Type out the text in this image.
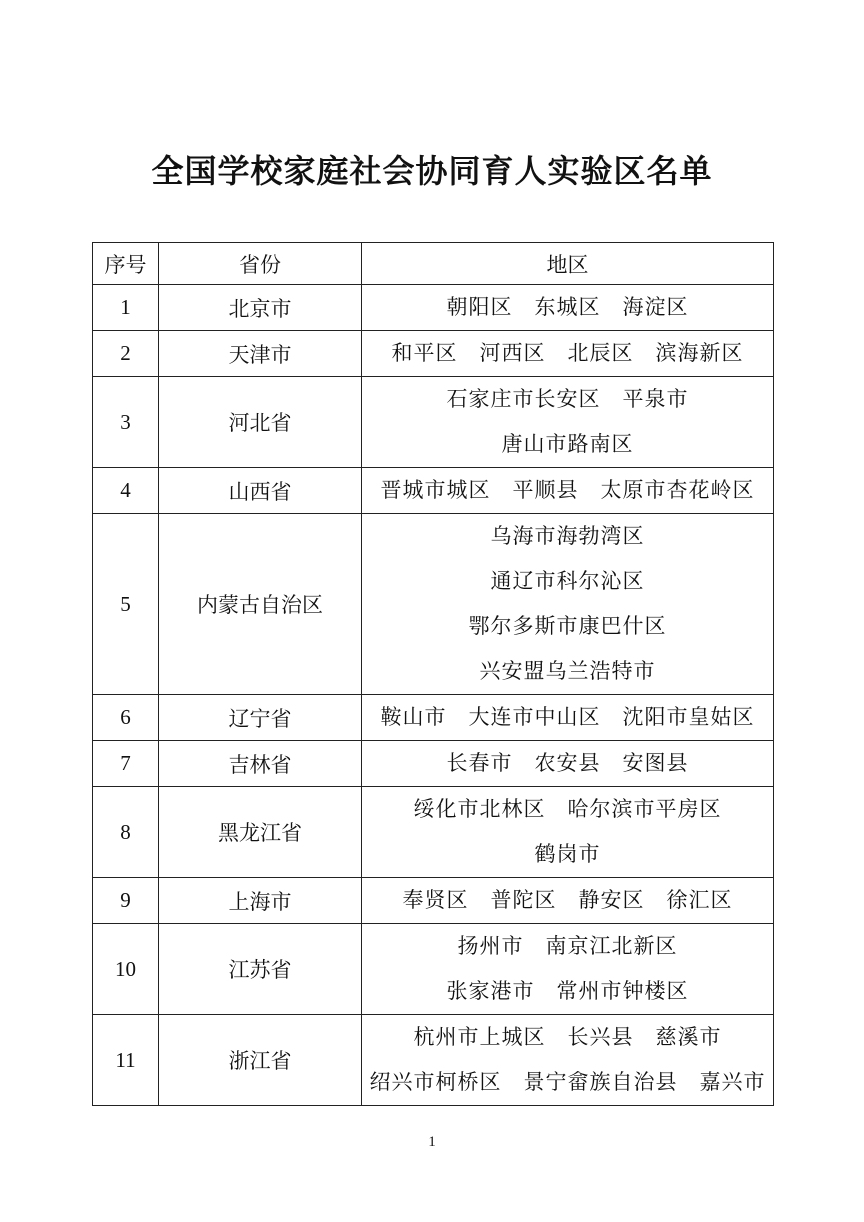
全国学校家庭社会协同育人实验区名单
序号	省份	地区
1	北京市	朝阳区　东城区　海淀区

2	天津市	和平区　河西区　北辰区　滨海新区

3	河北省	石家庄市长安区　平泉市
唐山市路南区

4	山西省	晋城市城区　平顺县　太原市杏花岭区

5	内蒙古自治区	乌海市海勃湾区
通辽市科尔沁区
鄂尔多斯市康巴什区
兴安盟乌兰浩特市

6	辽宁省	鞍山市　大连市中山区　沈阳市皇姑区

7	吉林省	长春市　农安县　安图县

8	黑龙江省	绥化市北林区　哈尔滨市平房区
鹤岗市

9	上海市	奉贤区　普陀区　静安区　徐汇区

10	江苏省	扬州市　南京江北新区
张家港市　常州市钟楼区

11	浙江省	杭州市上城区　长兴县　慈溪市
绍兴市柯桥区　景宁畲族自治县　嘉兴市
1
